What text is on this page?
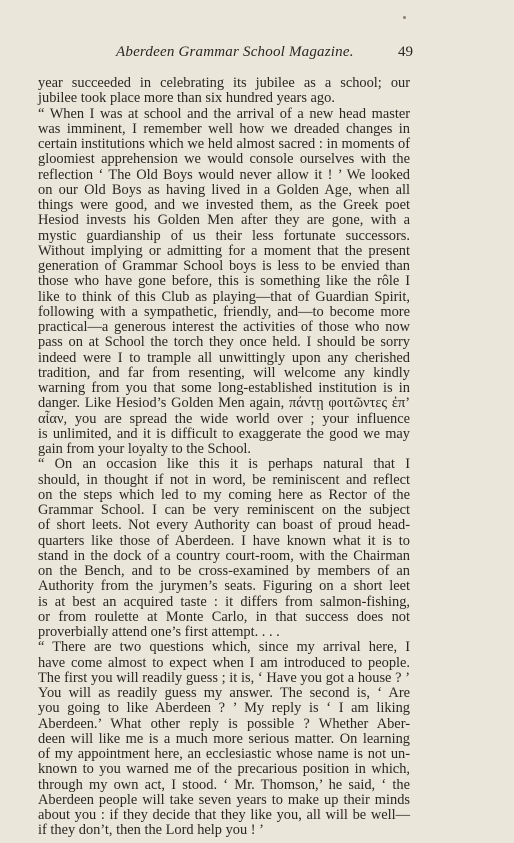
Aberdeen Grammar School Magazine.	49
year succeeded in celebrating its jubilee as a school; our
jubilee took place more than six hundred years ago.
“ When I was at school and the arrival of a new head master
was imminent, I remember well how we dreaded changes in
certain institutions which we held almost sacred : in moments of
gloomiest apprehension we would console ourselves with the
reflection ‘ The Old Boys would never allow it ! ’ We looked
on our Old Boys as having lived in a Golden Age, when all
things were good, and we invested them, as the Greek poet
Hesiod invests his Golden Men after they are gone, with a
mystic guardianship of us their less fortunate successors.
Without implying or admitting for a moment that the present
generation of Grammar School boys is less to be envied than
those who have gone before, this is something like the rôle I
like to think of this Club as playing—that of Guardian Spirit,
following with a sympathetic, friendly, and—to become more
practical—a generous interest the activities of those who now
pass on at School the torch they once held. I should be sorry
indeed were I to trample all unwittingly upon any cherished
tradition, and far from resenting, will welcome any kindly
warning from you that some long-established institution is in
danger. Like Hesiod’s Golden Men again, πάντῃ φοιτῶντες ἐπ’
αἶαν, you are spread the wide world over ; your influence
is unlimited, and it is difficult to exaggerate the good we may
gain from your loyalty to the School.
“ On an occasion like this it is perhaps natural that I
should, in thought if not in word, be reminiscent and reflect
on the steps which led to my coming here as Rector of the
Grammar School. I can be very reminiscent on the subject
of short leets. Not every Authority can boast of proud head-
quarters like those of Aberdeen. I have known what it is to
stand in the dock of a country court-room, with the Chairman
on the Bench, and to be cross-examined by members of an
Authority from the jurymen’s seats. Figuring on a short leet
is at best an acquired taste : it differs from salmon-fishing,
or from roulette at Monte Carlo, in that success does not
proverbially attend one’s first attempt. . . .
“ There are two questions which, since my arrival here, I
have come almost to expect when I am introduced to people.
The first you will readily guess ; it is, ‘ Have you got a house ? ’
You will as readily guess my answer. The second is, ‘ Are
you going to like Aberdeen ? ’ My reply is ‘ I am liking
Aberdeen.’ What other reply is possible ? Whether Aber-
deen will like me is a much more serious matter. On learning
of my appointment here, an ecclesiastic whose name is not un-
known to you warned me of the precarious position in which,
through my own act, I stood. ‘ Mr. Thomson,’ he said, ‘ the
Aberdeen people will take seven years to make up their minds
about you : if they decide that they like you, all will be well—
if they don’t, then the Lord help you ! ’
